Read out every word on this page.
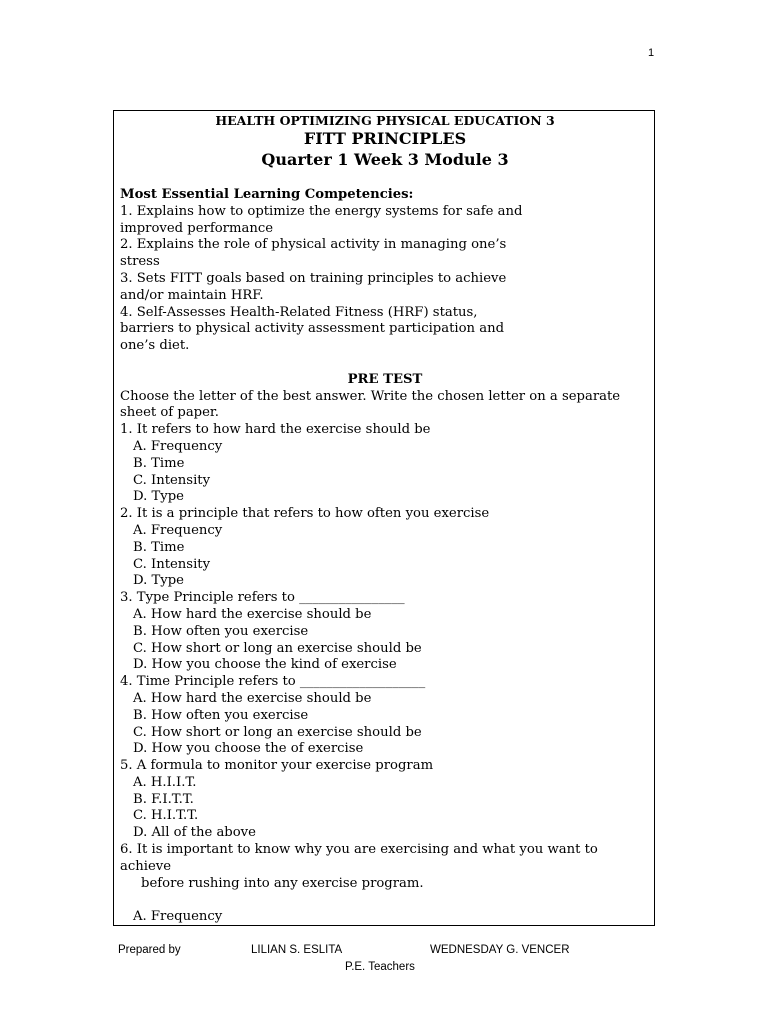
1
HEALTH OPTIMIZING PHYSICAL EDUCATION 3
FITT PRINCIPLES
Quarter 1 Week 3 Module 3
Most Essential Learning Competencies:
1. Explains how to optimize the energy systems for safe and
improved performance
2. Explains the role of physical activity in managing one’s
stress
3. Sets FITT goals based on training principles to achieve
and/or maintain HRF.
4. Self-Assesses Health-Related Fitness (HRF) status,
barriers to physical activity assessment participation and
one’s diet.
PRE TEST
Choose the letter of the best answer. Write the chosen letter on a separate
sheet of paper.
1. It refers to how hard the exercise should be
A. Frequency
B. Time
C. Intensity
D. Type
2. It is a principle that refers to how often you exercise
A. Frequency
B. Time
C. Intensity
D. Type
3. Type Principle refers to ________________
A. How hard the exercise should be
B. How often you exercise
C. How short or long an exercise should be
D. How you choose the kind of exercise
4. Time Principle refers to ___________________
A. How hard the exercise should be
B. How often you exercise
C. How short or long an exercise should be
D. How you choose the of exercise
5. A formula to monitor your exercise program
A. H.I.I.T.
B. F.I.T.T.
C. H.I.T.T.
D. All of the above
6. It is important to know why you are exercising and what you want to
achieve
before rushing into any exercise program.
A. Frequency
Prepared by	LILIAN S. ESLITA	WEDNESDAY G. VENCER
P.E. Teachers
